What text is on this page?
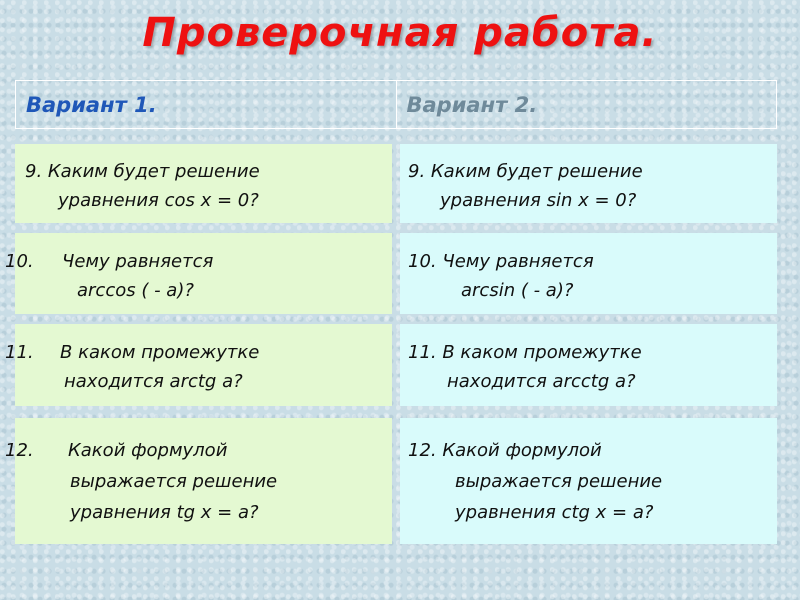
Проверочная работа.
Вариант 1.	Вариант 2.
9. Каким будет решение
уравнения cos x = 0?
10. Чему равняется
arccos ( - a)?
11. В каком промежутке
находится arctg a?
12. Какой формулой
выражается решение
уравнения tg x = a?
9. Каким будет решение
уравнения sin x = 0?
10. Чему равняется
arcsin ( - a)?
11. В каком промежутке
находится arcctg a?
12. Какой формулой
выражается решение
уравнения ctg x = a?
